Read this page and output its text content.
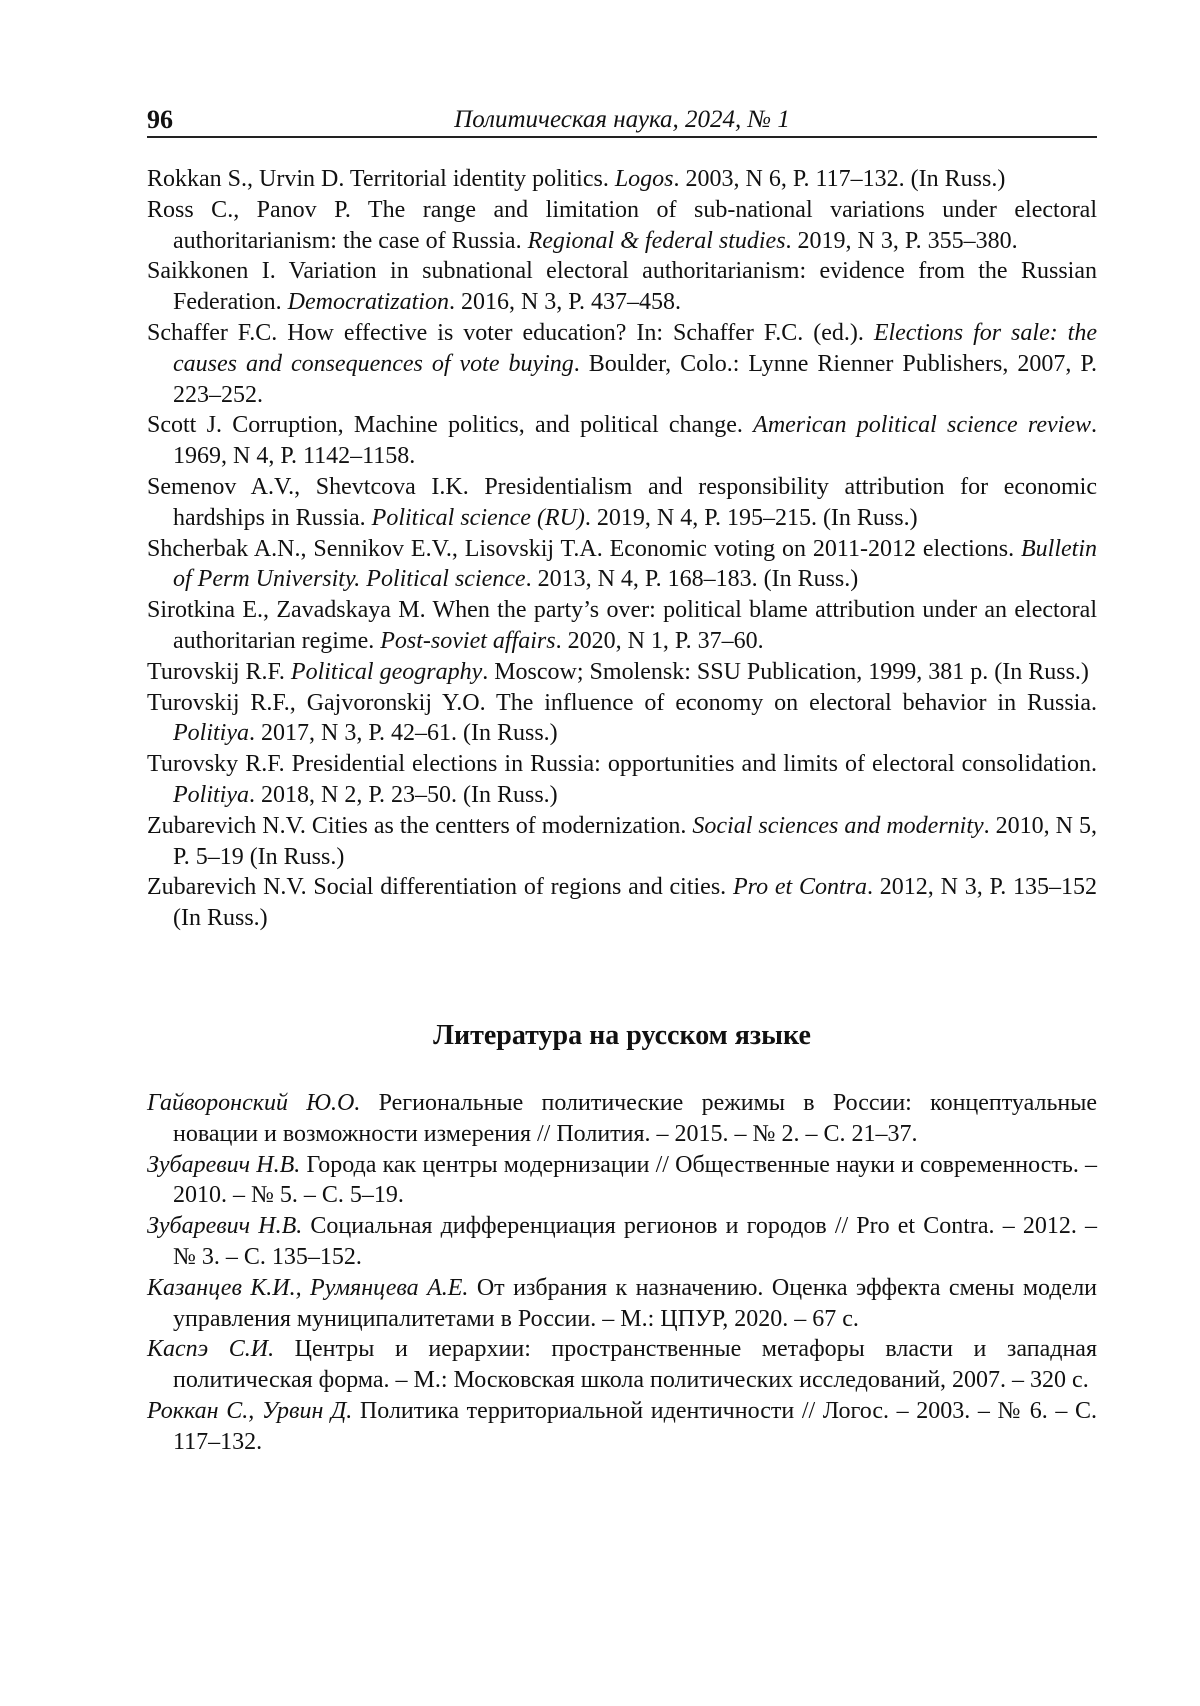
96	Политическая наука, 2024, № 1
Rokkan S., Urvin D. Territorial identity politics. Logos. 2003, N 6, P. 117–132. (In Russ.)
Ross C., Panov P. The range and limitation of sub-national variations under electoral authoritarianism: the case of Russia. Regional & federal studies. 2019, N 3, P. 355–380.
Saikkonen I. Variation in subnational electoral authoritarianism: evidence from the Russian Federation. Democratization. 2016, N 3, P. 437–458.
Schaffer F.C. How effective is voter education? In: Schaffer F.C. (ed.). Elections for sale: the causes and consequences of vote buying. Boulder, Colo.: Lynne Rienner Publishers, 2007, P. 223–252.
Scott J. Corruption, Machine politics, and political change. American political science review. 1969, N 4, P. 1142–1158.
Semenov A.V., Shevtcova I.K. Presidentialism and responsibility attribution for economic hardships in Russia. Political science (RU). 2019, N 4, P. 195–215. (In Russ.)
Shcherbak A.N., Sennikov E.V., Lisovskij T.A. Economic voting on 2011-2012 elections. Bulletin of Perm University. Political science. 2013, N 4, P. 168–183. (In Russ.)
Sirotkina E., Zavadskaya M. When the party’s over: political blame attribution under an electoral authoritarian regime. Post-soviet affairs. 2020, N 1, P. 37–60.
Turovskij R.F. Political geography. Moscow; Smolensk: SSU Publication, 1999, 381 p. (In Russ.)
Turovskij R.F., Gajvoronskij Y.O. The influence of economy on electoral behavior in Russia. Politiya. 2017, N 3, P. 42–61. (In Russ.)
Turovsky R.F. Presidential elections in Russia: opportunities and limits of electoral consolidation. Politiya. 2018, N 2, P. 23–50. (In Russ.)
Zubarevich N.V. Cities as the centters of modernization. Social sciences and modernity. 2010, N 5, P. 5–19 (In Russ.)
Zubarevich N.V. Social differentiation of regions and cities. Pro et Contra. 2012, N 3, P. 135–152 (In Russ.)
Литература на русском языке
Гайворонский Ю.О. Региональные политические режимы в России: концептуальные новации и возможности измерения // Полития. – 2015. – № 2. – С. 21–37.
Зубаревич Н.В. Города как центры модернизации // Общественные науки и современность. – 2010. – № 5. – С. 5–19.
Зубаревич Н.В. Социальная дифференциация регионов и городов // Pro et Contra. – 2012. – № 3. – С. 135–152.
Казанцев К.И., Румянцева А.Е. От избрания к назначению. Оценка эффекта смены модели управления муниципалитетами в России. – М.: ЦПУР, 2020. – 67 с.
Каспэ С.И. Центры и иерархии: пространственные метафоры власти и западная политическая форма. – М.: Московская школа политических исследований, 2007. – 320 с.
Роккан С., Урвин Д. Политика территориальной идентичности // Логос. – 2003. – № 6. – С. 117–132.
